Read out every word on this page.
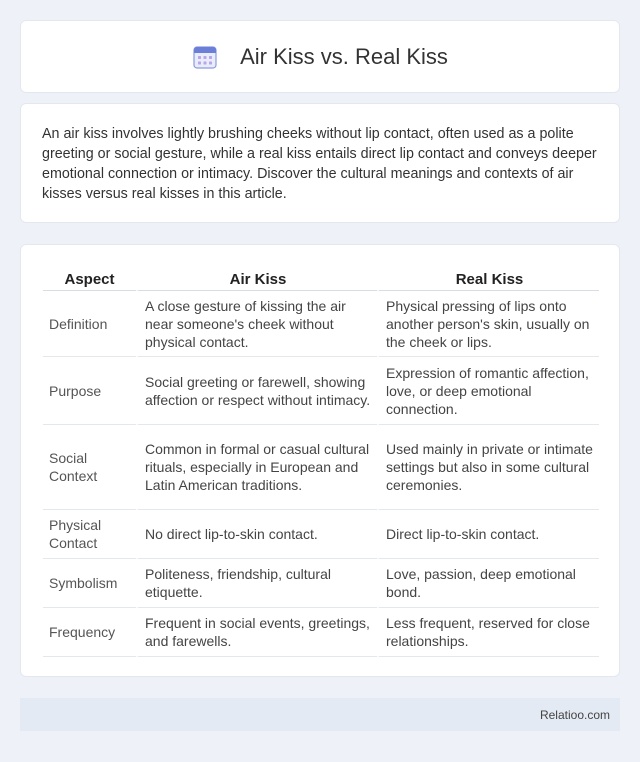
Air Kiss vs. Real Kiss

An air kiss involves lightly brushing cheeks without lip contact, often used as a polite greeting or social gesture, while a real kiss entails direct lip contact and conveys deeper emotional connection or intimacy. Discover the cultural meanings and contexts of air kisses versus real kisses in this article.

Aspect	Air Kiss	Real Kiss
Definition	A close gesture of kissing the air near someone's cheek without physical contact.	Physical pressing of lips onto another person's skin, usually on the cheek or lips.
Purpose	Social greeting or farewell, showing affection or respect without intimacy.	Expression of romantic affection, love, or deep emotional connection.
Social Context	Common in formal or casual cultural rituals, especially in European and Latin American traditions.	Used mainly in private or intimate settings but also in some cultural ceremonies.
Physical Contact	No direct lip-to-skin contact.	Direct lip-to-skin contact.
Symbolism	Politeness, friendship, cultural etiquette.	Love, passion, deep emotional bond.
Frequency	Frequent in social events, greetings, and farewells.	Less frequent, reserved for close relationships.
Relatioo.com
